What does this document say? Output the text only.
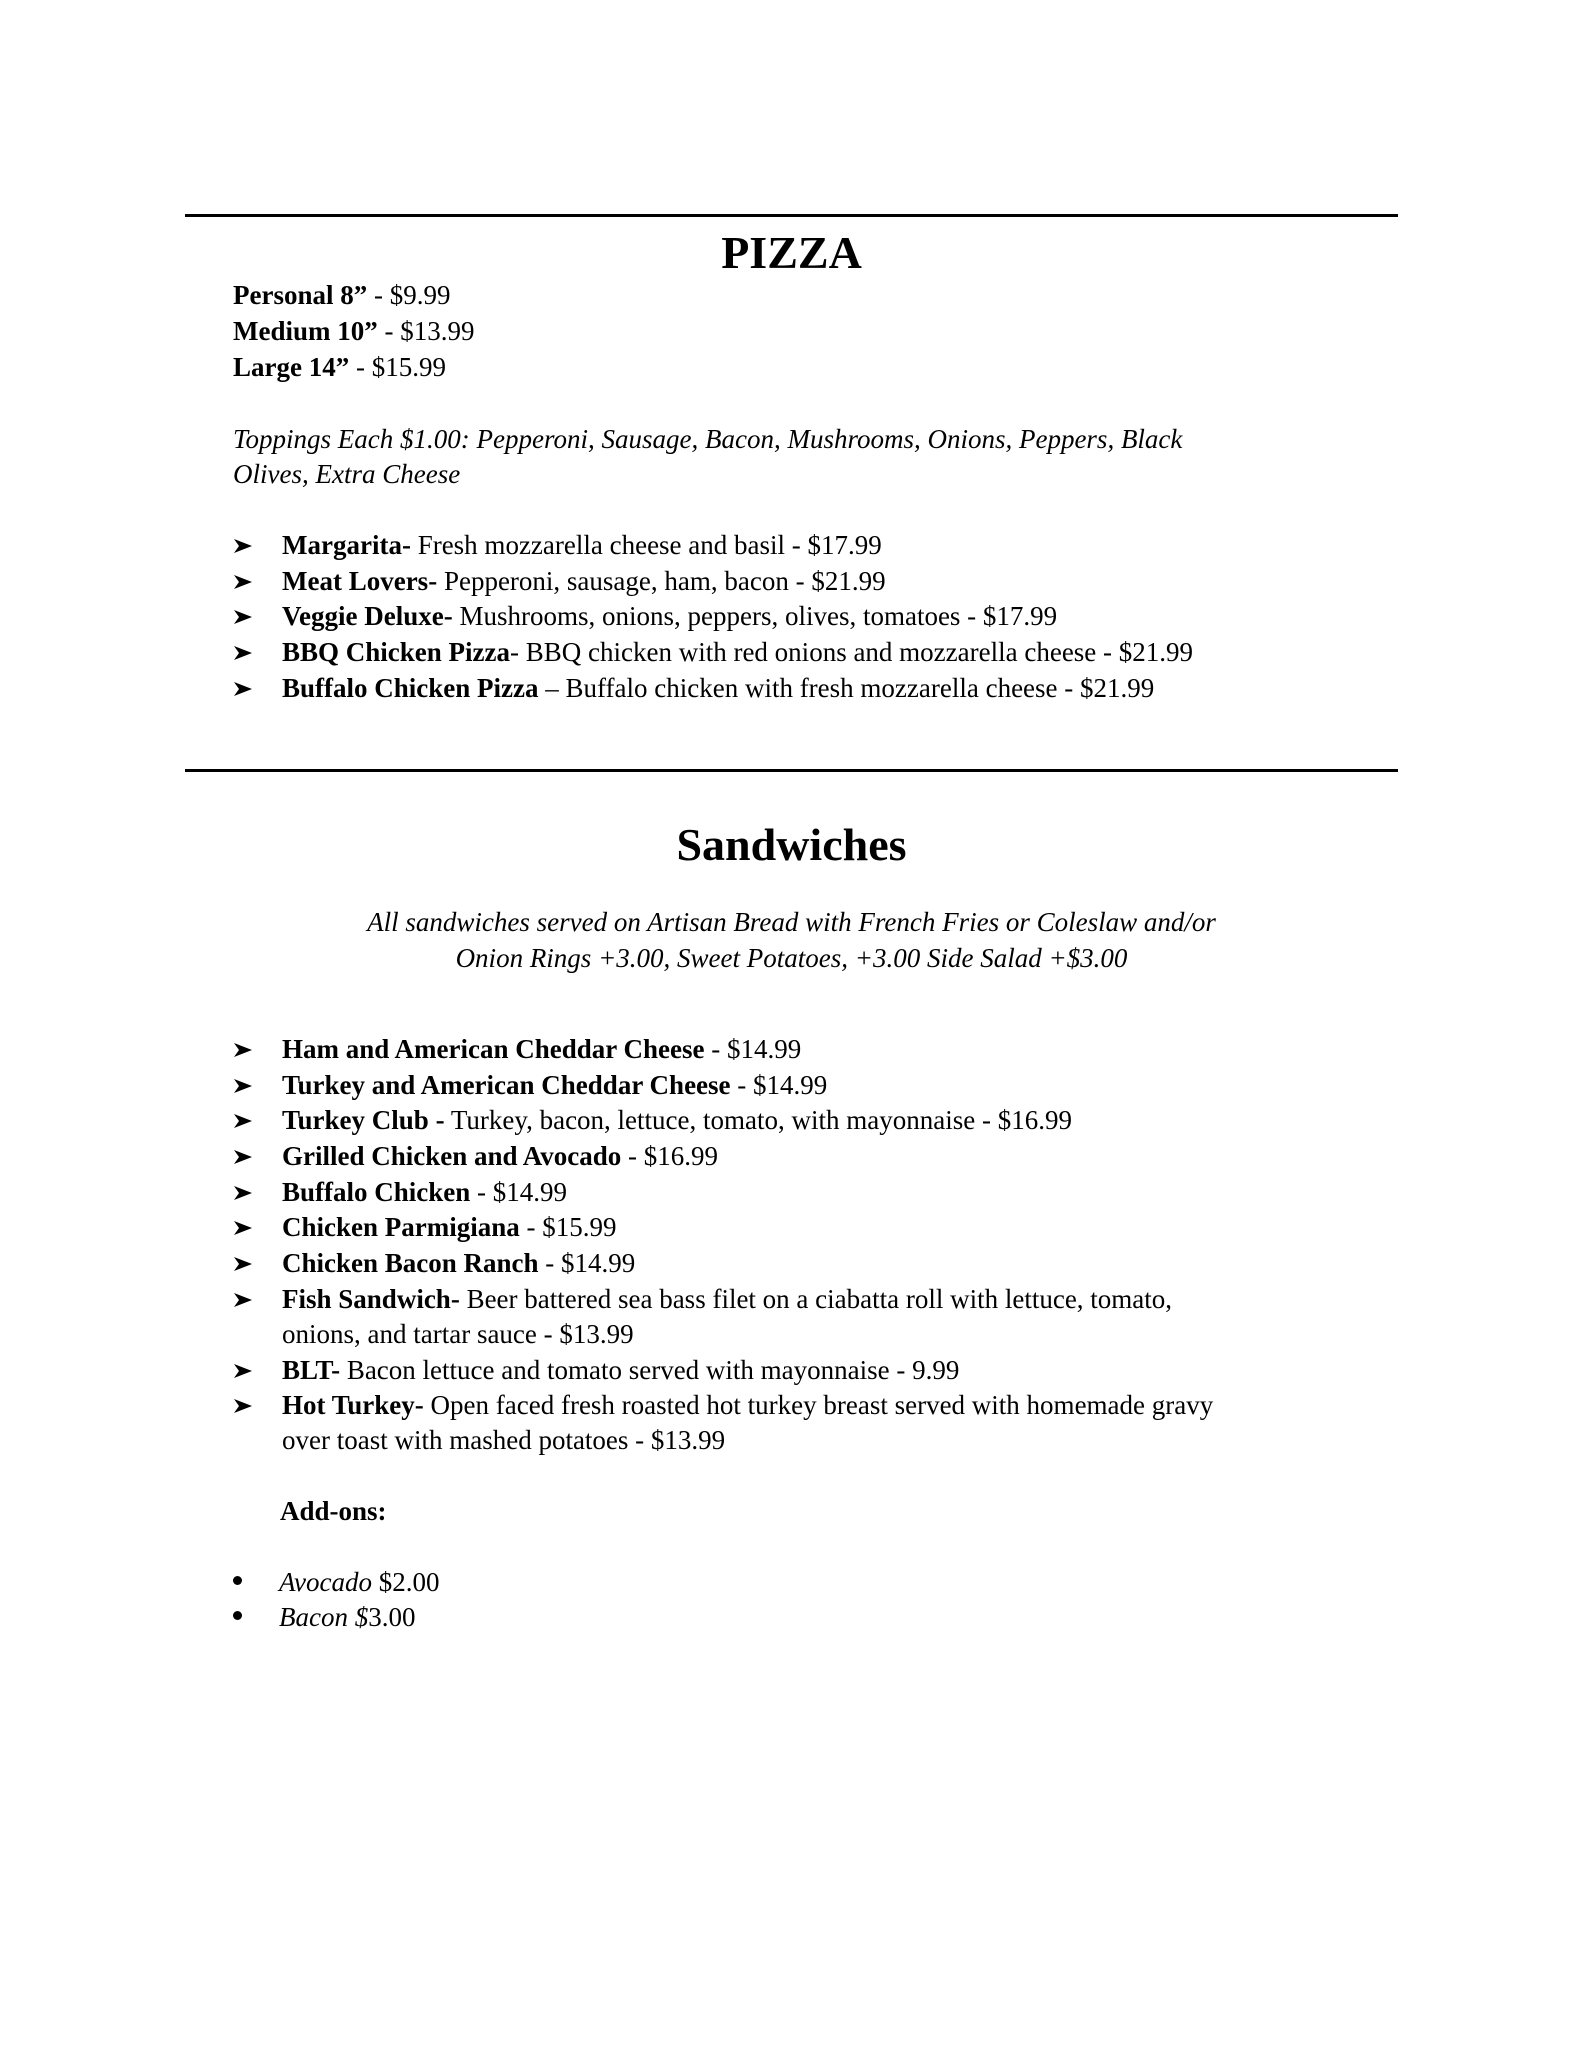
PIZZA
Personal 8” - $9.99
Medium 10” - $13.99
Large 14” - $15.99
Toppings Each $1.00: Pepperoni, Sausage, Bacon, Mushrooms, Onions, Peppers, Black
Olives, Extra Cheese
Margarita- Fresh mozzarella cheese and basil - $17.99
Meat Lovers- Pepperoni, sausage, ham, bacon - $21.99
Veggie Deluxe- Mushrooms, onions, peppers, olives, tomatoes - $17.99
BBQ Chicken Pizza- BBQ chicken with red onions and mozzarella cheese - $21.99
Buffalo Chicken Pizza – Buffalo chicken with fresh mozzarella cheese - $21.99
Sandwiches
All sandwiches served on Artisan Bread with French Fries or Coleslaw and/or
Onion Rings +3.00, Sweet Potatoes, +3.00 Side Salad +$3.00
Ham and American Cheddar Cheese - $14.99
Turkey and American Cheddar Cheese - $14.99
Turkey Club - Turkey, bacon, lettuce, tomato, with mayonnaise - $16.99
Grilled Chicken and Avocado - $16.99
Buffalo Chicken - $14.99
Chicken Parmigiana - $15.99
Chicken Bacon Ranch - $14.99
Fish Sandwich- Beer battered sea bass filet on a ciabatta roll with lettuce, tomato,
onions, and tartar sauce - $13.99
BLT- Bacon lettuce and tomato served with mayonnaise - 9.99
Hot Turkey- Open faced fresh roasted hot turkey breast served with homemade gravy
over toast with mashed potatoes - $13.99
Add-ons:
Avocado $2.00
Bacon $3.00
